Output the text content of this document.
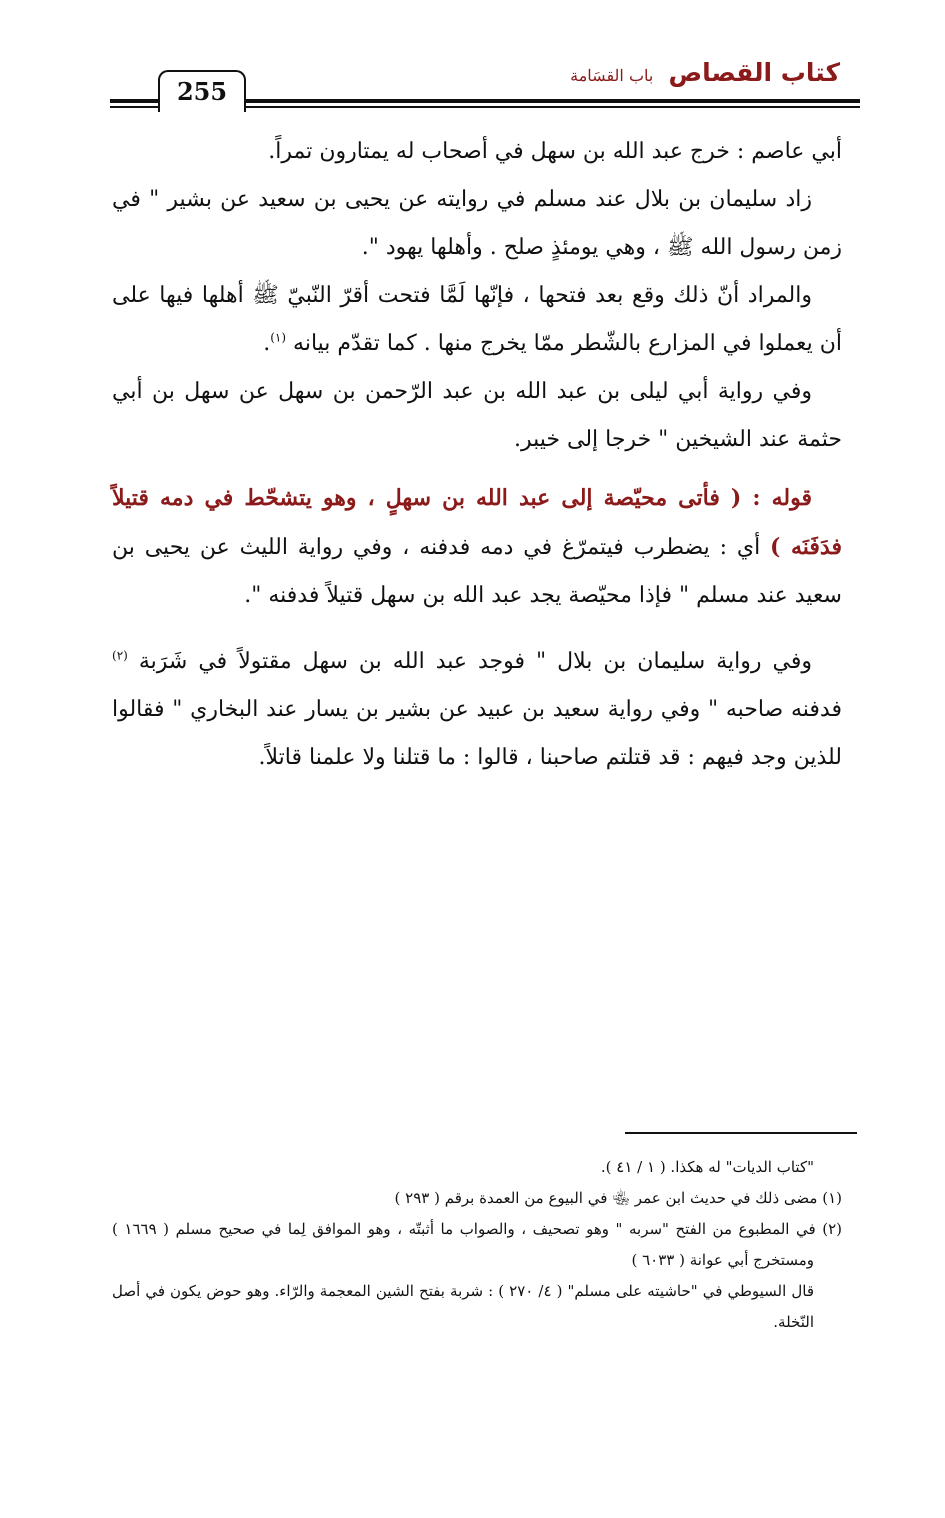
كتاب القصاص باب القسَامة
255

أبي عاصم : خرج عبد الله بن سهل في أصحاب له يمتارون تمراً.

زاد سليمان بن بلال عند مسلم في روايته عن يحيى بن سعيد عن بشير " في زمن رسول الله ﷺ ، وهي يومئذٍ صلح . وأهلها يهود ".

والمراد أنّ ذلك وقع بعد فتحها ، فإنّها لَمَّا فتحت أقرّ النّبيّ ﷺ أهلها فيها على أن يعملوا في المزارع بالشّطر ممّا يخرج منها . كما تقدّم بيانه $^{(١)}$.

وفي رواية أبي ليلى بن عبد الله بن عبد الرّحمن بن سهل عن سهل بن أبي حثمة عند الشيخين " خرجا إلى خيبر.

قوله : ( فأتى محيّصة إلى عبد الله بن سهلٍ ، وهو يتشحّط في دمه قتيلاً فدَفَنَه ) أي : يضطرب فيتمرّغ في دمه فدفنه ، وفي رواية الليث عن يحيى بن سعيد عند مسلم " فإذا محيّصة يجد عبد الله بن سهل قتيلاً فدفنه ".

وفي رواية سليمان بن بلال " فوجد عبد الله بن سهل مقتولاً في شَرَبة $^{(٢)}$ فدفنه صاحبه " وفي رواية سعيد بن عبيد عن بشير بن يسار عند البخاري " فقالوا للذين وجد فيهم : قد قتلتم صاحبنا ، قالوا : ما قتلنا ولا علمنا قاتلاً.

"كتاب الديات" له هكذا. ( ١ / ٤١ ).

(١) مضى ذلك في حديث ابن عمر ﵄ في البيوع من العمدة برقم ( ٢٩٣ )

(٢) في المطبوع من الفتح "سربه " وهو تصحيف ، والصواب ما أثبتّه ، وهو الموافق لِما في صحيح مسلم ( ١٦٦٩ ) ومستخرج أبي عوانة ( ٦٠٣٣ )

قال السيوطي في "حاشيته على مسلم" ( ٤/ ٢٧٠ ) : شربة بفتح الشين المعجمة والرّاء. وهو حوض يكون في أصل النّخلة.
